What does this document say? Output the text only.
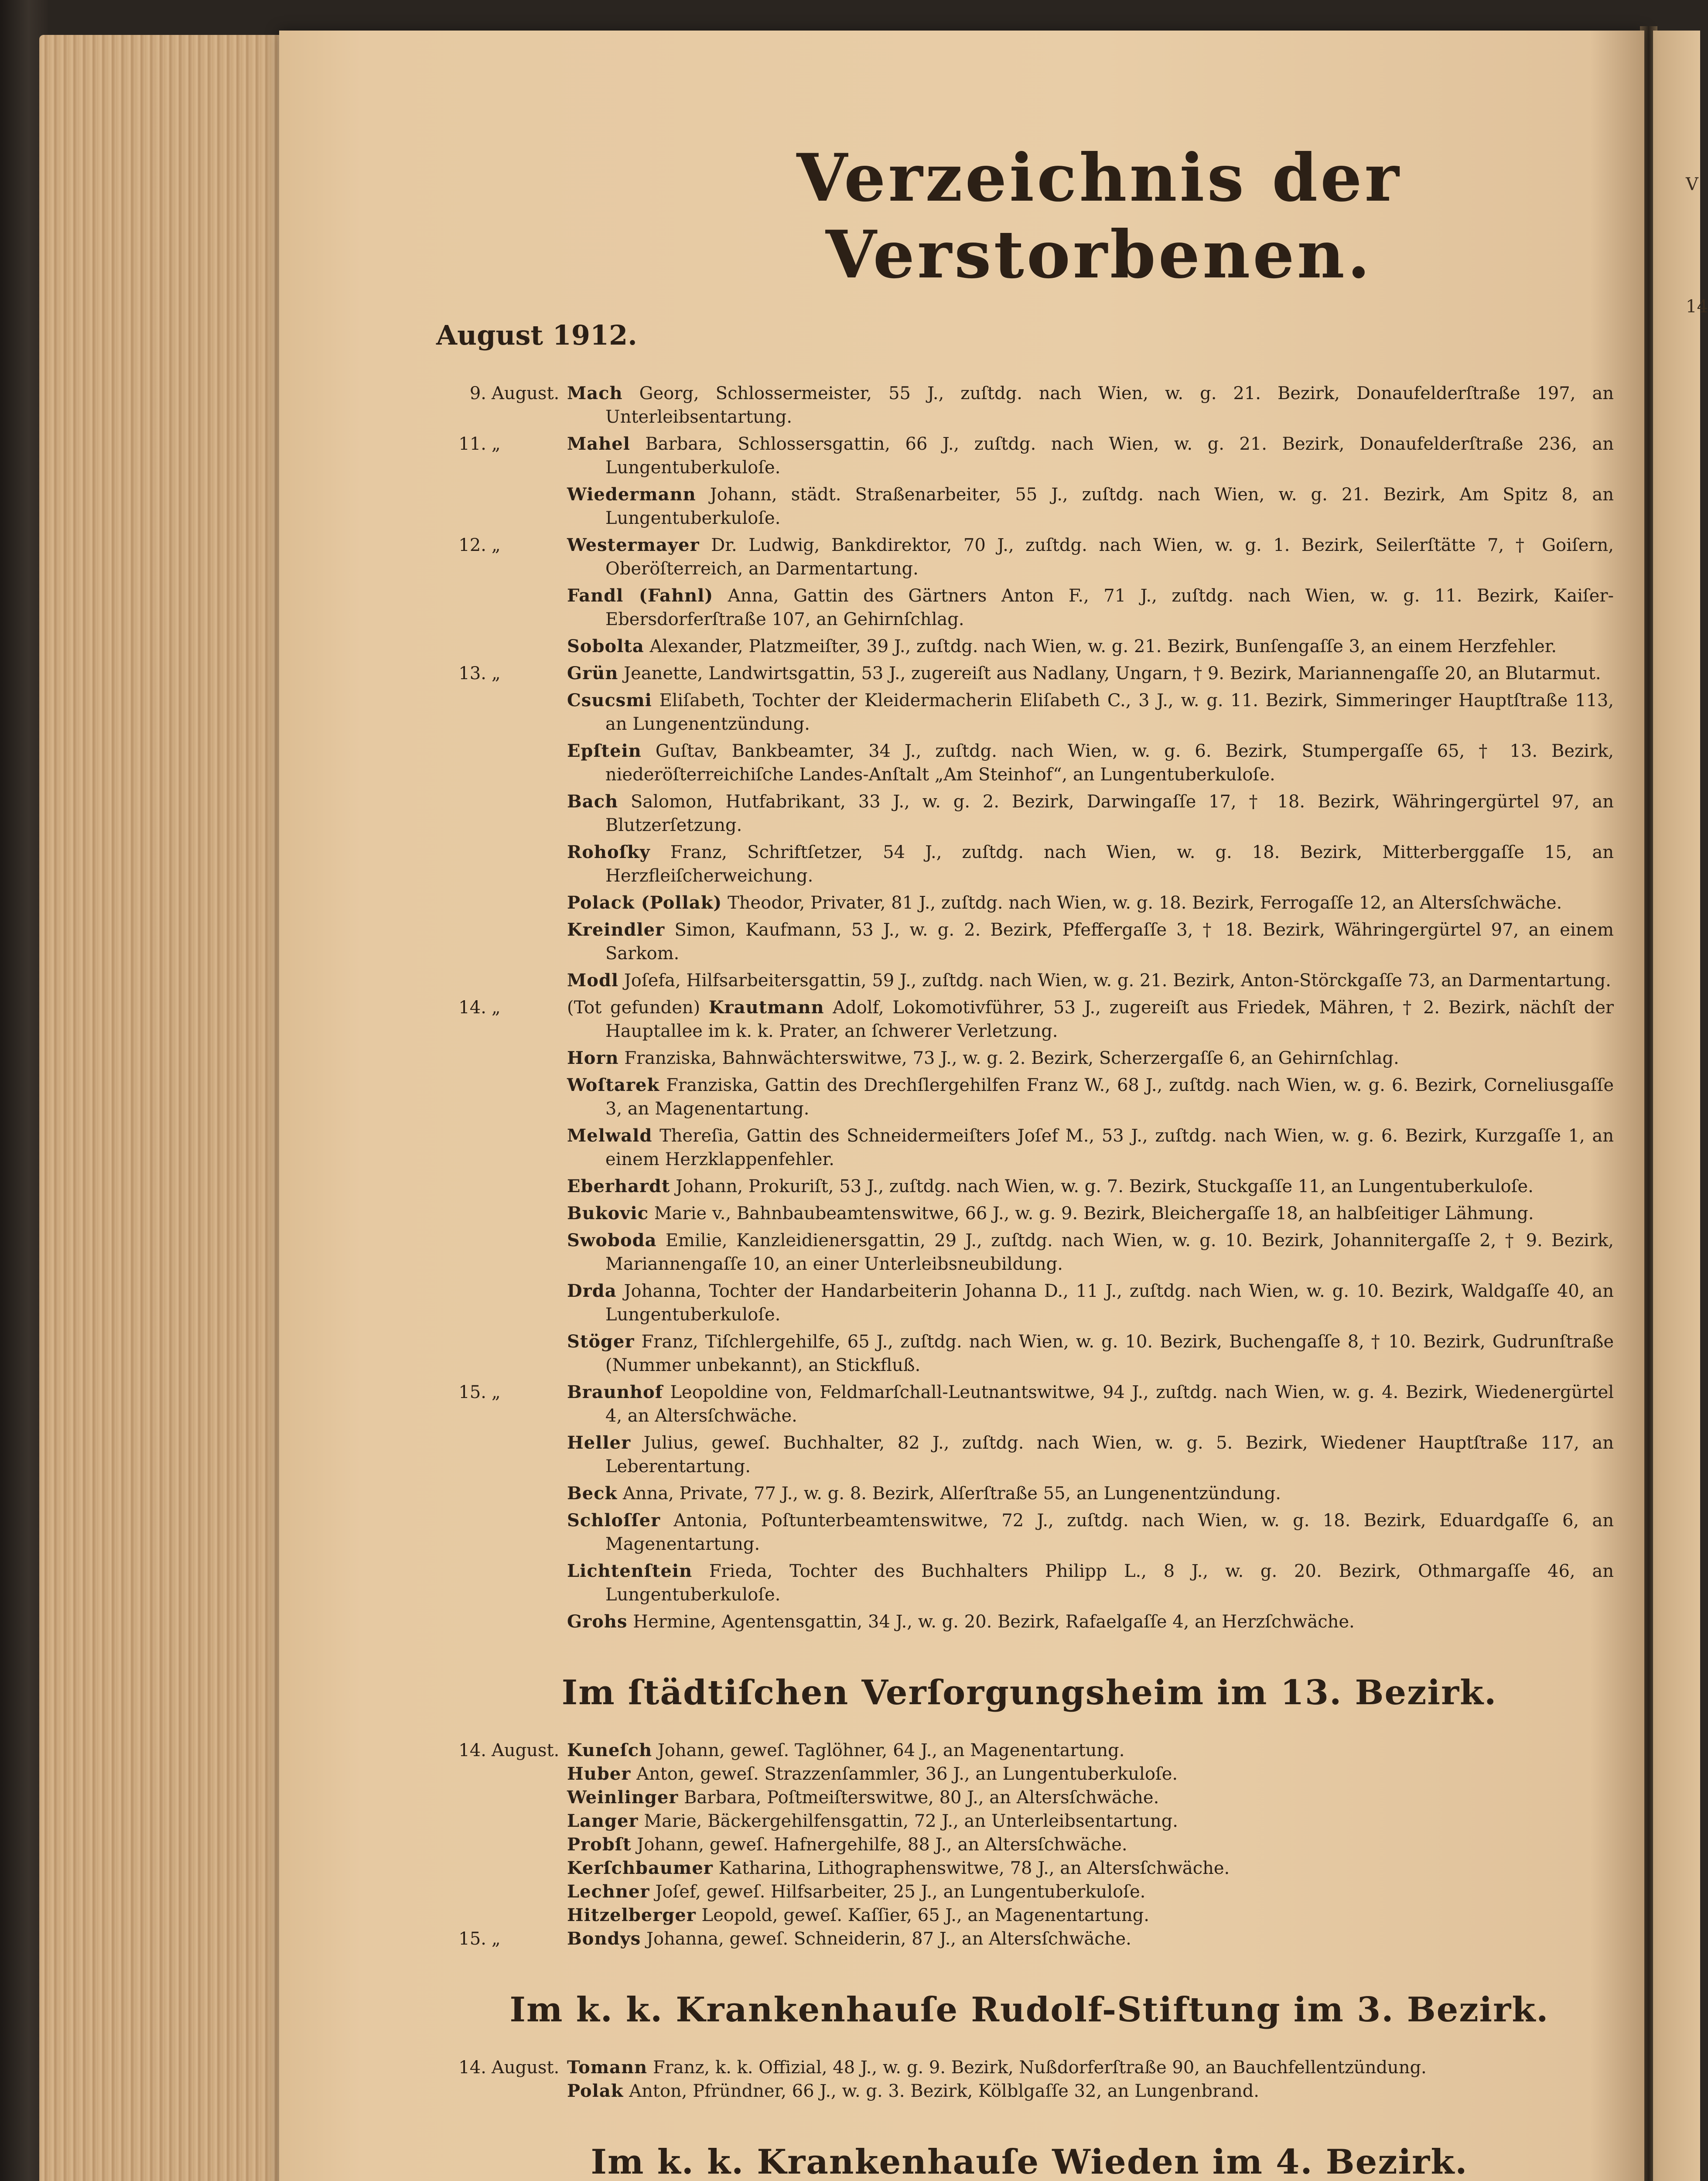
V
14
Verzeichnis der Verstorbenen.
August 1912.
9. August. Mach Georg, Schlossermeister, 55 J., zuſtdg. nach Wien, w. g. 21. Bezirk, Donaufelderſtraße 197, an Unterleibsentartung.
11. „	Mahel Barbara, Schlossersgattin, 66 J., zuſtdg. nach Wien, w. g. 21. Bezirk, Donaufelderſtraße 236, an Lungentuberkuloſe.
Wiedermann Johann, städt. Straßenarbeiter, 55 J., zuſtdg. nach Wien, w. g. 21. Bezirk, Am Spitz 8, an Lungentuberkuloſe.
12. „	Westermayer Dr. Ludwig, Bankdirektor, 70 J., zuſtdg. nach Wien, w. g. 1. Bezirk, Seilerſtätte 7, † Goiſern, Oberöſterreich, an Darmentartung.
Fandl (Fahnl) Anna, Gattin des Gärtners Anton F., 71 J., zuſtdg. nach Wien, w. g. 11. Bezirk, Kaiſer-Ebersdorferſtraße 107, an Gehirnſchlag.
Sobolta Alexander, Platzmeiſter, 39 J., zuſtdg. nach Wien, w. g. 21. Bezirk, Bunſengaſſe 3, an einem Herzfehler.
13. „	Grün Jeanette, Landwirtsgattin, 53 J., zugereiſt aus Nadlany, Ungarn, † 9. Bezirk, Mariannengaſſe 20, an Blutarmut.
Csucsmi Eliſabeth, Tochter der Kleidermacherin Eliſabeth C., 3 J., w. g. 11. Bezirk, Simmeringer Hauptſtraße 113, an Lungenentzündung.
Epſtein Guſtav, Bankbeamter, 34 J., zuſtdg. nach Wien, w. g. 6. Bezirk, Stumpergaſſe 65, † 13. Bezirk, niederöſterreichiſche Landes-Anſtalt „Am Steinhof“, an Lungentuberkuloſe.
Bach Salomon, Hutfabrikant, 33 J., w. g. 2. Bezirk, Darwingaſſe 17, † 18. Bezirk, Währingergürtel 97, an Blutzerſetzung.
Rohoſky Franz, Schriftſetzer, 54 J., zuſtdg. nach Wien, w. g. 18. Bezirk, Mitterberggaſſe 15, an Herzfleiſcherweichung.
Polack (Pollak) Theodor, Privater, 81 J., zuſtdg. nach Wien, w. g. 18. Bezirk, Ferrogaſſe 12, an Altersſchwäche.
Kreindler Simon, Kaufmann, 53 J., w. g. 2. Bezirk, Pfeffergaſſe 3, † 18. Bezirk, Währingergürtel 97, an einem Sarkom.
Modl Joſefa, Hilfsarbeitersgattin, 59 J., zuſtdg. nach Wien, w. g. 21. Bezirk, Anton-Störckgaſſe 73, an Darmentartung.
14. „	(Tot gefunden) Krautmann Adolf, Lokomotivführer, 53 J., zugereiſt aus Friedek, Mähren, † 2. Bezirk, nächſt der Hauptallee im k. k. Prater, an ſchwerer Verletzung.
Horn Franziska, Bahnwächterswitwe, 73 J., w. g. 2. Bezirk, Scherzergaſſe 6, an Gehirnſchlag.
Woſtarek Franziska, Gattin des Drechſlergehilfen Franz W., 68 J., zuſtdg. nach Wien, w. g. 6. Bezirk, Corneliusgaſſe 3, an Magenentartung.
Melwald Thereſia, Gattin des Schneidermeiſters Joſef M., 53 J., zuſtdg. nach Wien, w. g. 6. Bezirk, Kurzgaſſe 1, an einem Herzklappenfehler.
Eberhardt Johann, Prokuriſt, 53 J., zuſtdg. nach Wien, w. g. 7. Bezirk, Stuckgaſſe 11, an Lungentuberkuloſe.
Bukovic Marie v., Bahnbaubeamtenswitwe, 66 J., w. g. 9. Bezirk, Bleichergaſſe 18, an halbſeitiger Lähmung.
Swoboda Emilie, Kanzleidienersgattin, 29 J., zuſtdg. nach Wien, w. g. 10. Bezirk, Johannitergaſſe 2, † 9. Bezirk, Mariannengaſſe 10, an einer Unterleibsneubildung.
Drda Johanna, Tochter der Handarbeiterin Johanna D., 11 J., zuſtdg. nach Wien, w. g. 10. Bezirk, Waldgaſſe 40, an Lungentuberkuloſe.
Stöger Franz, Tiſchlergehilfe, 65 J., zuſtdg. nach Wien, w. g. 10. Bezirk, Buchengaſſe 8, † 10. Bezirk, Gudrunſtraße (Nummer unbekannt), an Stickfluß.
15. „	Braunhof Leopoldine von, Feldmarſchall-Leutnantswitwe, 94 J., zuſtdg. nach Wien, w. g. 4. Bezirk, Wiedenergürtel 4, an Altersſchwäche.
Heller Julius, geweſ. Buchhalter, 82 J., zuſtdg. nach Wien, w. g. 5. Bezirk, Wiedener Hauptſtraße 117, an Leberentartung.
Beck Anna, Private, 77 J., w. g. 8. Bezirk, Alſerſtraße 55, an Lungenentzündung.
Schloſſer Antonia, Poſtunterbeamtenswitwe, 72 J., zuſtdg. nach Wien, w. g. 18. Bezirk, Eduardgaſſe 6, an Magenentartung.
Lichtenſtein Frieda, Tochter des Buchhalters Philipp L., 8 J., w. g. 20. Bezirk, Othmargaſſe 46, an Lungentuberkuloſe.
Grohs Hermine, Agentensgattin, 34 J., w. g. 20. Bezirk, Rafaelgaſſe 4, an Herzſchwäche.
Im ſtädtiſchen Verſorgungsheim im 13. Bezirk.
14. August. Kuneſch Johann, geweſ. Taglöhner, 64 J., an Magenentartung.
Huber Anton, geweſ. Strazzenſammler, 36 J., an Lungentuberkuloſe.
Weinlinger Barbara, Poſtmeiſterswitwe, 80 J., an Altersſchwäche.
Langer Marie, Bäckergehilfensgattin, 72 J., an Unterleibsentartung.
Probſt Johann, geweſ. Hafnergehilfe, 88 J., an Altersſchwäche.
Kerſchbaumer Katharina, Lithographenswitwe, 78 J., an Altersſchwäche.
Lechner Joſef, geweſ. Hilfsarbeiter, 25 J., an Lungentuberkuloſe.
Hitzelberger Leopold, geweſ. Kaſſier, 65 J., an Magenentartung.
15. „	Bondys Johanna, geweſ. Schneiderin, 87 J., an Altersſchwäche.
Im k. k. Krankenhauſe Rudolf-Stiftung im 3. Bezirk.
14. August. Tomann Franz, k. k. Offizial, 48 J., w. g. 9. Bezirk, Nußdorferſtraße 90, an Bauchfellentzündung.
Polak Anton, Pfründner, 66 J., w. g. 3. Bezirk, Kölblgaſſe 32, an Lungenbrand.
Im k. k. Krankenhauſe Wieden im 4. Bezirk.
